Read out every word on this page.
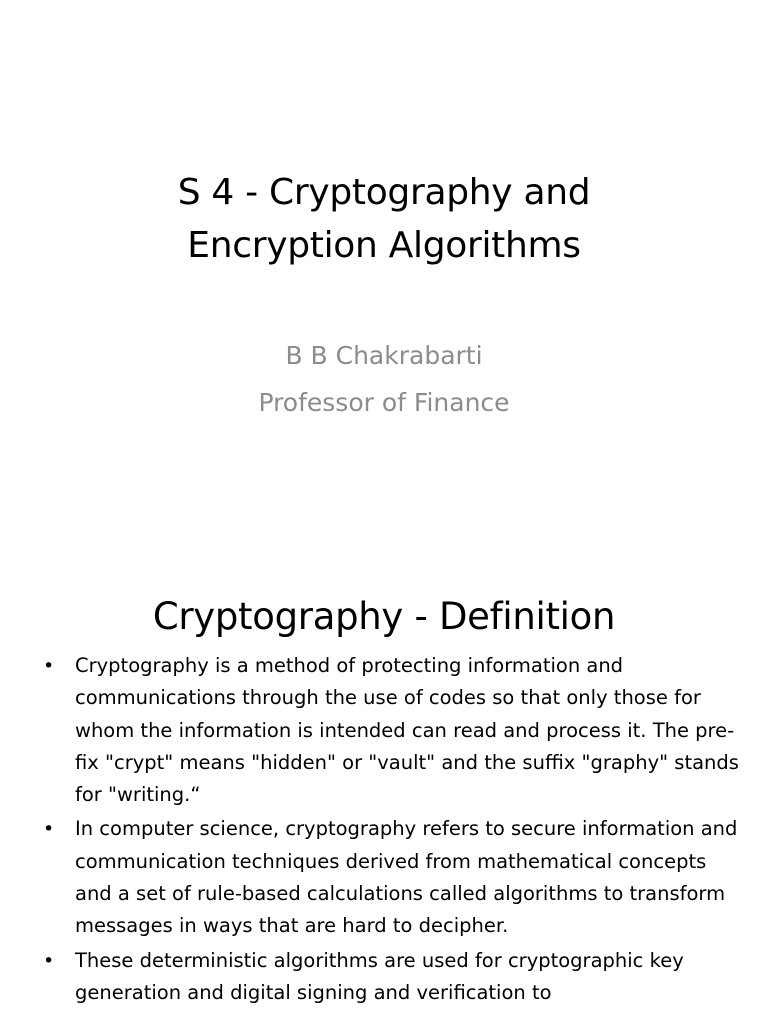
S 4 - Cryptography and
Encryption Algorithms
B B Chakrabarti
Professor of Finance
Cryptography - Definition
• Cryptography is a method of protecting information and communications through the use of codes so that only those for whom the information is intended can read and process it. The pre-fix "crypt" means "hidden" or "vault" and the suffix "graphy" stands for "writing.“
• In computer science, cryptography refers to secure information and communication techniques derived from mathematical concepts and a set of rule-based calculations called algorithms to transform messages in ways that are hard to decipher.
• These deterministic algorithms are used for cryptographic key generation and digital signing and verification to
